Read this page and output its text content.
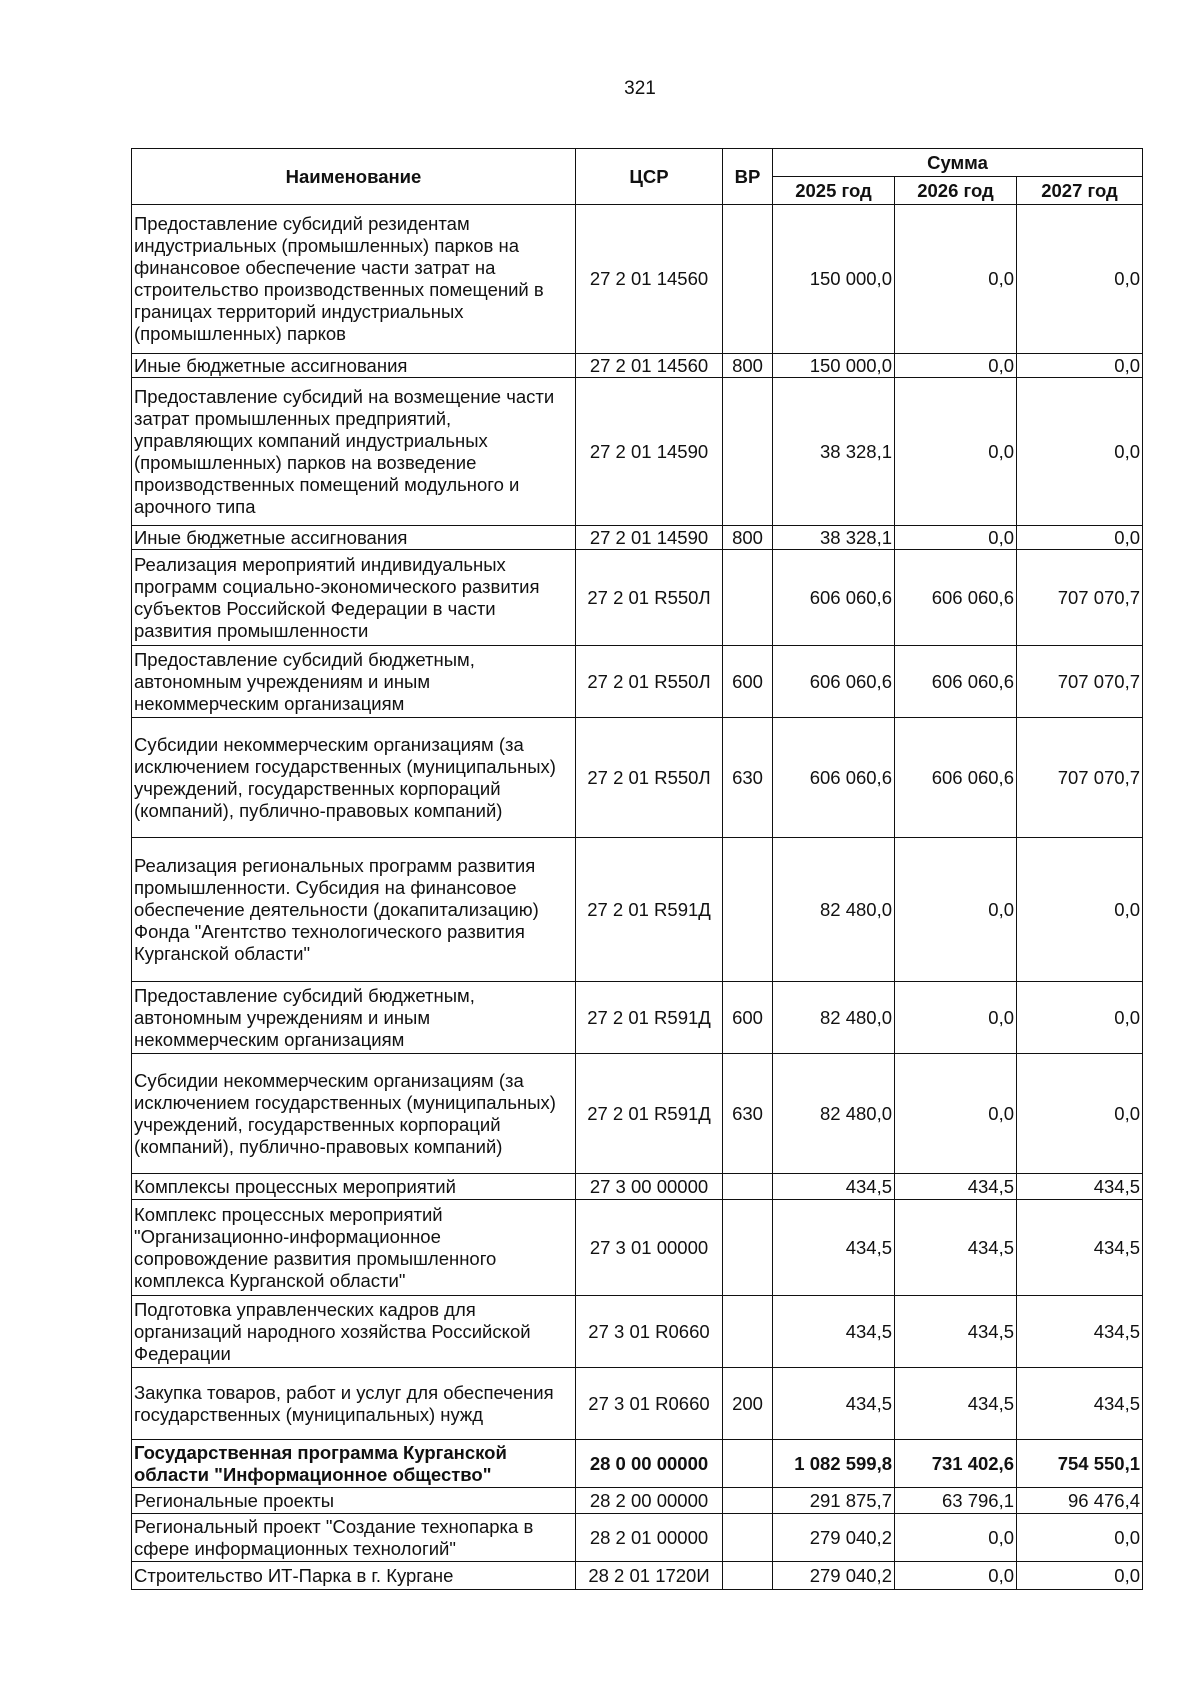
321
Наименование	ЦСР	ВР	Сумма		
			2025 год	2026 год	2027 год
Предоставление субсидий резидентам индустриальных (промышленных) парков на финансовое обеспечение части затрат на строительство производственных помещений в границах территорий индустриальных (промышленных) парков	27 2 01 14560		150 000,0	0,0	0,0
Иные бюджетные ассигнования	27 2 01 14560	800	150 000,0	0,0	0,0
Предоставление субсидий на возмещение части затрат промышленных предприятий, управляющих компаний индустриальных (промышленных) парков на возведение производственных помещений модульного и арочного типа	27 2 01 14590		38 328,1	0,0	0,0
Иные бюджетные ассигнования	27 2 01 14590	800	38 328,1	0,0	0,0
Реализация мероприятий индивидуальных программ социально-экономического развития субъектов Российской Федерации в части развития промышленности	27 2 01 R550Л		606 060,6	606 060,6	707 070,7
Предоставление субсидий бюджетным, автономным учреждениям и иным некоммерческим организациям	27 2 01 R550Л	600	606 060,6	606 060,6	707 070,7
Субсидии некоммерческим организациям (за исключением государственных (муниципальных) учреждений, государственных корпораций (компаний), публично-правовых компаний)	27 2 01 R550Л	630	606 060,6	606 060,6	707 070,7
Реализация региональных программ развития промышленности. Субсидия на финансовое обеспечение деятельности (докапитализацию) Фонда "Агентство технологического развития Курганской области"	27 2 01 R591Д		82 480,0	0,0	0,0
Предоставление субсидий бюджетным, автономным учреждениям и иным некоммерческим организациям	27 2 01 R591Д	600	82 480,0	0,0	0,0
Субсидии некоммерческим организациям (за исключением государственных (муниципальных) учреждений, государственных корпораций (компаний), публично-правовых компаний)	27 2 01 R591Д	630	82 480,0	0,0	0,0
Комплексы процессных мероприятий	27 3 00 00000		434,5	434,5	434,5
Комплекс процессных мероприятий "Организационно-информационное сопровождение развития промышленного комплекса Курганской области"	27 3 01 00000		434,5	434,5	434,5
Подготовка управленческих кадров для организаций народного хозяйства Российской Федерации	27 3 01 R0660		434,5	434,5	434,5
Закупка товаров, работ и услуг для обеспечения государственных (муниципальных) нужд	27 3 01 R0660	200	434,5	434,5	434,5
Государственная программа Курганской области "Информационное общество"	28 0 00 00000		1 082 599,8	731 402,6	754 550,1
Региональные проекты	28 2 00 00000		291 875,7	63 796,1	96 476,4
Региональный проект "Создание технопарка в сфере информационных технологий"	28 2 01 00000		279 040,2	0,0	0,0
Строительство ИТ-Парка в г. Кургане	28 2 01 1720И		279 040,2	0,0	0,0
